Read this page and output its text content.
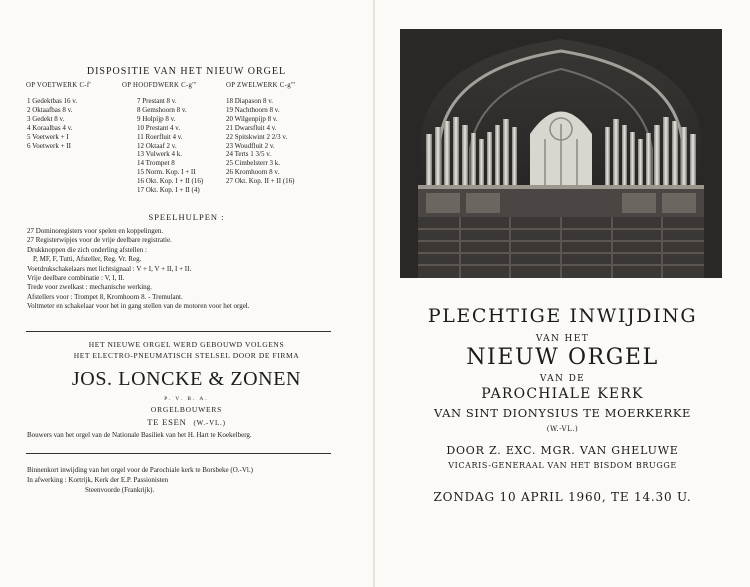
DISPOSITIE VAN HET NIEUW ORGEL
OP VOETWERK C-f'	OP HOOFDWERK C-g'''	OP ZWELWERK C-g'''
1 Gedektbas 16 v.
2 Oktaafbas 8 v.
3 Gedekt 8 v.
4 Koraalbas 4 v.
5 Voetwerk + I
6 Voetwerk + II
7 Prestant 8 v.
8 Gemshoorn 8 v.
9 Holpijp 8 v.
10 Prestant 4 v.
11 Roerfluit 4 v.
12 Oktaaf 2 v.
13 Vulwerk 4 k.
14 Trompet 8
15 Norm. Kop. I + II
16 Okt. Kop. I + II (16)
17 Okt. Kop. I + II (4)
18 Diapason 8 v.
19 Nachthoorn 8 v.
20 Wilgenpijp 8 v.
21 Dwarsfluit 4 v.
22 Spitskwint 2 2/3 v.
23 Woudfluit 2 v.
24 Terts 1 3/5 v.
25 Cimbelsterr 3 k.
26 Kromhoorn 8 v.
27 Okt. Kop. II + II (16)
SPEELHULPEN :
27 Dominoregisters voor spelen en koppelingen.
27 Registerwipjes voor de vrije deelbare registratie.
Drukknoppen die zich onderling afstellen :
P, MF, F, Tutti, Afsteller, Reg. Vr. Reg.
Voetdrukschakelaars met lichtsignaal : V + I, V + II, I + II.
Vrije deelbare combinatie : V, I, II.
Trede voor zwelkast : mechanische werking.
Afstellers voor : Trompet 8, Kromhoorn 8. - Tremulant.
Voltmeter en schakelaar voor het in gang stellen van de motoren voor het orgel.
HET NIEUWE ORGEL WERD GEBOUWD VOLGENS
HET ELECTRO-PNEUMATISCH STELSEL DOOR DE FIRMA
JOS. LONCKE & ZONEN
P. V. B. A.
ORGELBOUWERS
TE ESEN (W.-VL.)
Bouwers van het orgel van de Nationale Basiliek van het H. Hart te Koekelberg.
Binnenkort inwijding van het orgel voor de Parochiale kerk te Borsbeke (O.-Vl.)
In afwerking : Kortrijk, Kerk der E.P. Passionisten
Steenvoorde (Frankrijk).
PLECHTIGE INWIJDING
VAN HET
NIEUW ORGEL
VAN DE
PAROCHIALE KERK
VAN SINT DIONYSIUS TE MOERKERKE
(W.-VL.)
DOOR Z. EXC. MGR. VAN GHELUWE
VICARIS-GENERAAL VAN HET BISDOM BRUGGE
ZONDAG 10 APRIL 1960, TE 14.30 U.
